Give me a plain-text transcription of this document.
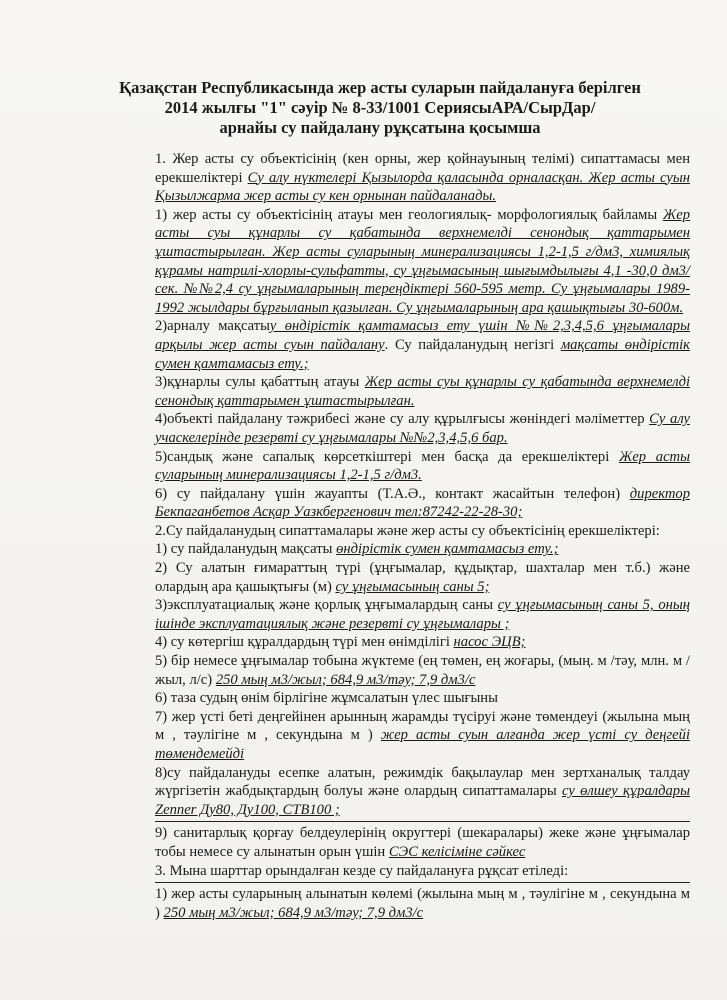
Қазақстан Республикасында жер асты суларын пайдалануға берілген
2014 жылғы "1" сәуір № 8-33/1001 СериясыАРА/СырДар/
арнайы су пайдалану рұқсатына қосымша

1. Жер асты су объектісінің (кен орны, жер қойнауының телімі) сипаттамасы мен ерекшеліктері Су алу нүктелері Қызылорда қаласында орналасқан. Жер асты суын Қызылжарма жер асты су кен орнынан пайдаланады.

1) жер асты су объектісінің атауы мен геологиялық- морфологиялық байламы Жер асты суы құнарлы су қабатында верхнемелді сенондық қаттарымен ұштастырылған. Жер асты суларының минерализациясы 1,2-1,5 г/дм3, химиялық құрамы натрилі-хлорлы-сульфатты, су ұңғымасының шығымдылығы 4,1 -30,0 дм3/сек. №№2,4 су ұңғымаларының тереңдіктері 560-595 метр. Су ұңғымалары 1989-1992 жылдары бұрғыланып қазылған. Су ұңғымаларының ара қашықтығы 30-600м.

2)арналу мақсатыу өндірістік қамтамасыз ету үшін №№2,3,4,5,6 ұңғымалары арқылы жер асты суын пайдалану. Су пайдаланудың негізгі мақсаты өндірістік сумен қамтамасыз ету.;

3)құнарлы сулы қабаттың атауы Жер асты суы құнарлы су қабатында верхнемелді сенондық қаттарымен ұштастырылған.

4)объекті пайдалану тәжрибесі және су алу құрылғысы жөніндегі мәліметтер Су алу учаскелерінде резервті су ұңғымалары №№2,3,4,5,6 бар.

5)сандық және сапалық көрсеткіштері мен басқа да ерекшеліктері Жер асты суларының минерализациясы 1,2-1,5 г/дм3.

6) су пайдалану үшін жауапты (Т.А.Ә., контакт жасайтын телефон) директор Бекпаганбетов Асқар Уазкбергенович тел:87242-22-28-30;

2.Су пайдаланудың сипаттамалары және жер асты су объектісінің ерекшеліктері:

1) су пайдаланудың мақсаты өндірістік сумен қамтамасыз ету.;

2) Су алатын ғимараттың түрі (ұңғымалар, құдықтар, шахталар мен т.б.) және олардың ара қашықтығы (м) су ұңғымасының саны 5;

3)эксплуатациалық және қорлық ұңғымалардың саны су ұңғымасының саны 5, оның ішінде эксплуатациялық және резервті су ұңғымалары ;

4) су көтергіш құралдардың түрі мен өнімділігі насос ЭЦВ;

5) бір немесе ұңғымалар тобына жүктеме (ең төмен, ең жоғары, (мың. м /тәу, млн. м /жыл, л/с) 250 мың м3/жыл; 684,9 м3/тәу; 7,9 дм3/с

6) таза судың өнім бірлігіне жұмсалатын үлес шығыны

7) жер үсті беті деңгейінен арынның жарамды түсіруі және төмендеуі (жылына мың м , тәулігіне м , секундына м ) жер асты суын алғанда жер үсті су деңгейі төмендемейді

8)су пайдалануды есепке алатын, режимдік бақылаулар мен зертханалық талдау жүргізетін жабдықтардың болуы және олардың сипаттамалары су өлшеу құралдары Zenner Ду80, Ду100, СТВ100 ;

9) санитарлық қорғау белдеулерінің округтері (шекаралары) жеке және ұңғымалар тобы немесе су алынатын орын үшін СЭС келісіміне сәйкес

3. Мына шарттар орындалған кезде су пайдалануға рұқсат етіледі:

1) жер асты суларының алынатын көлемі (жылына мың м , тәулігіне м , секундына м ) 250 мың м3/жыл; 684,9 м3/тәу; 7,9 дм3/с
